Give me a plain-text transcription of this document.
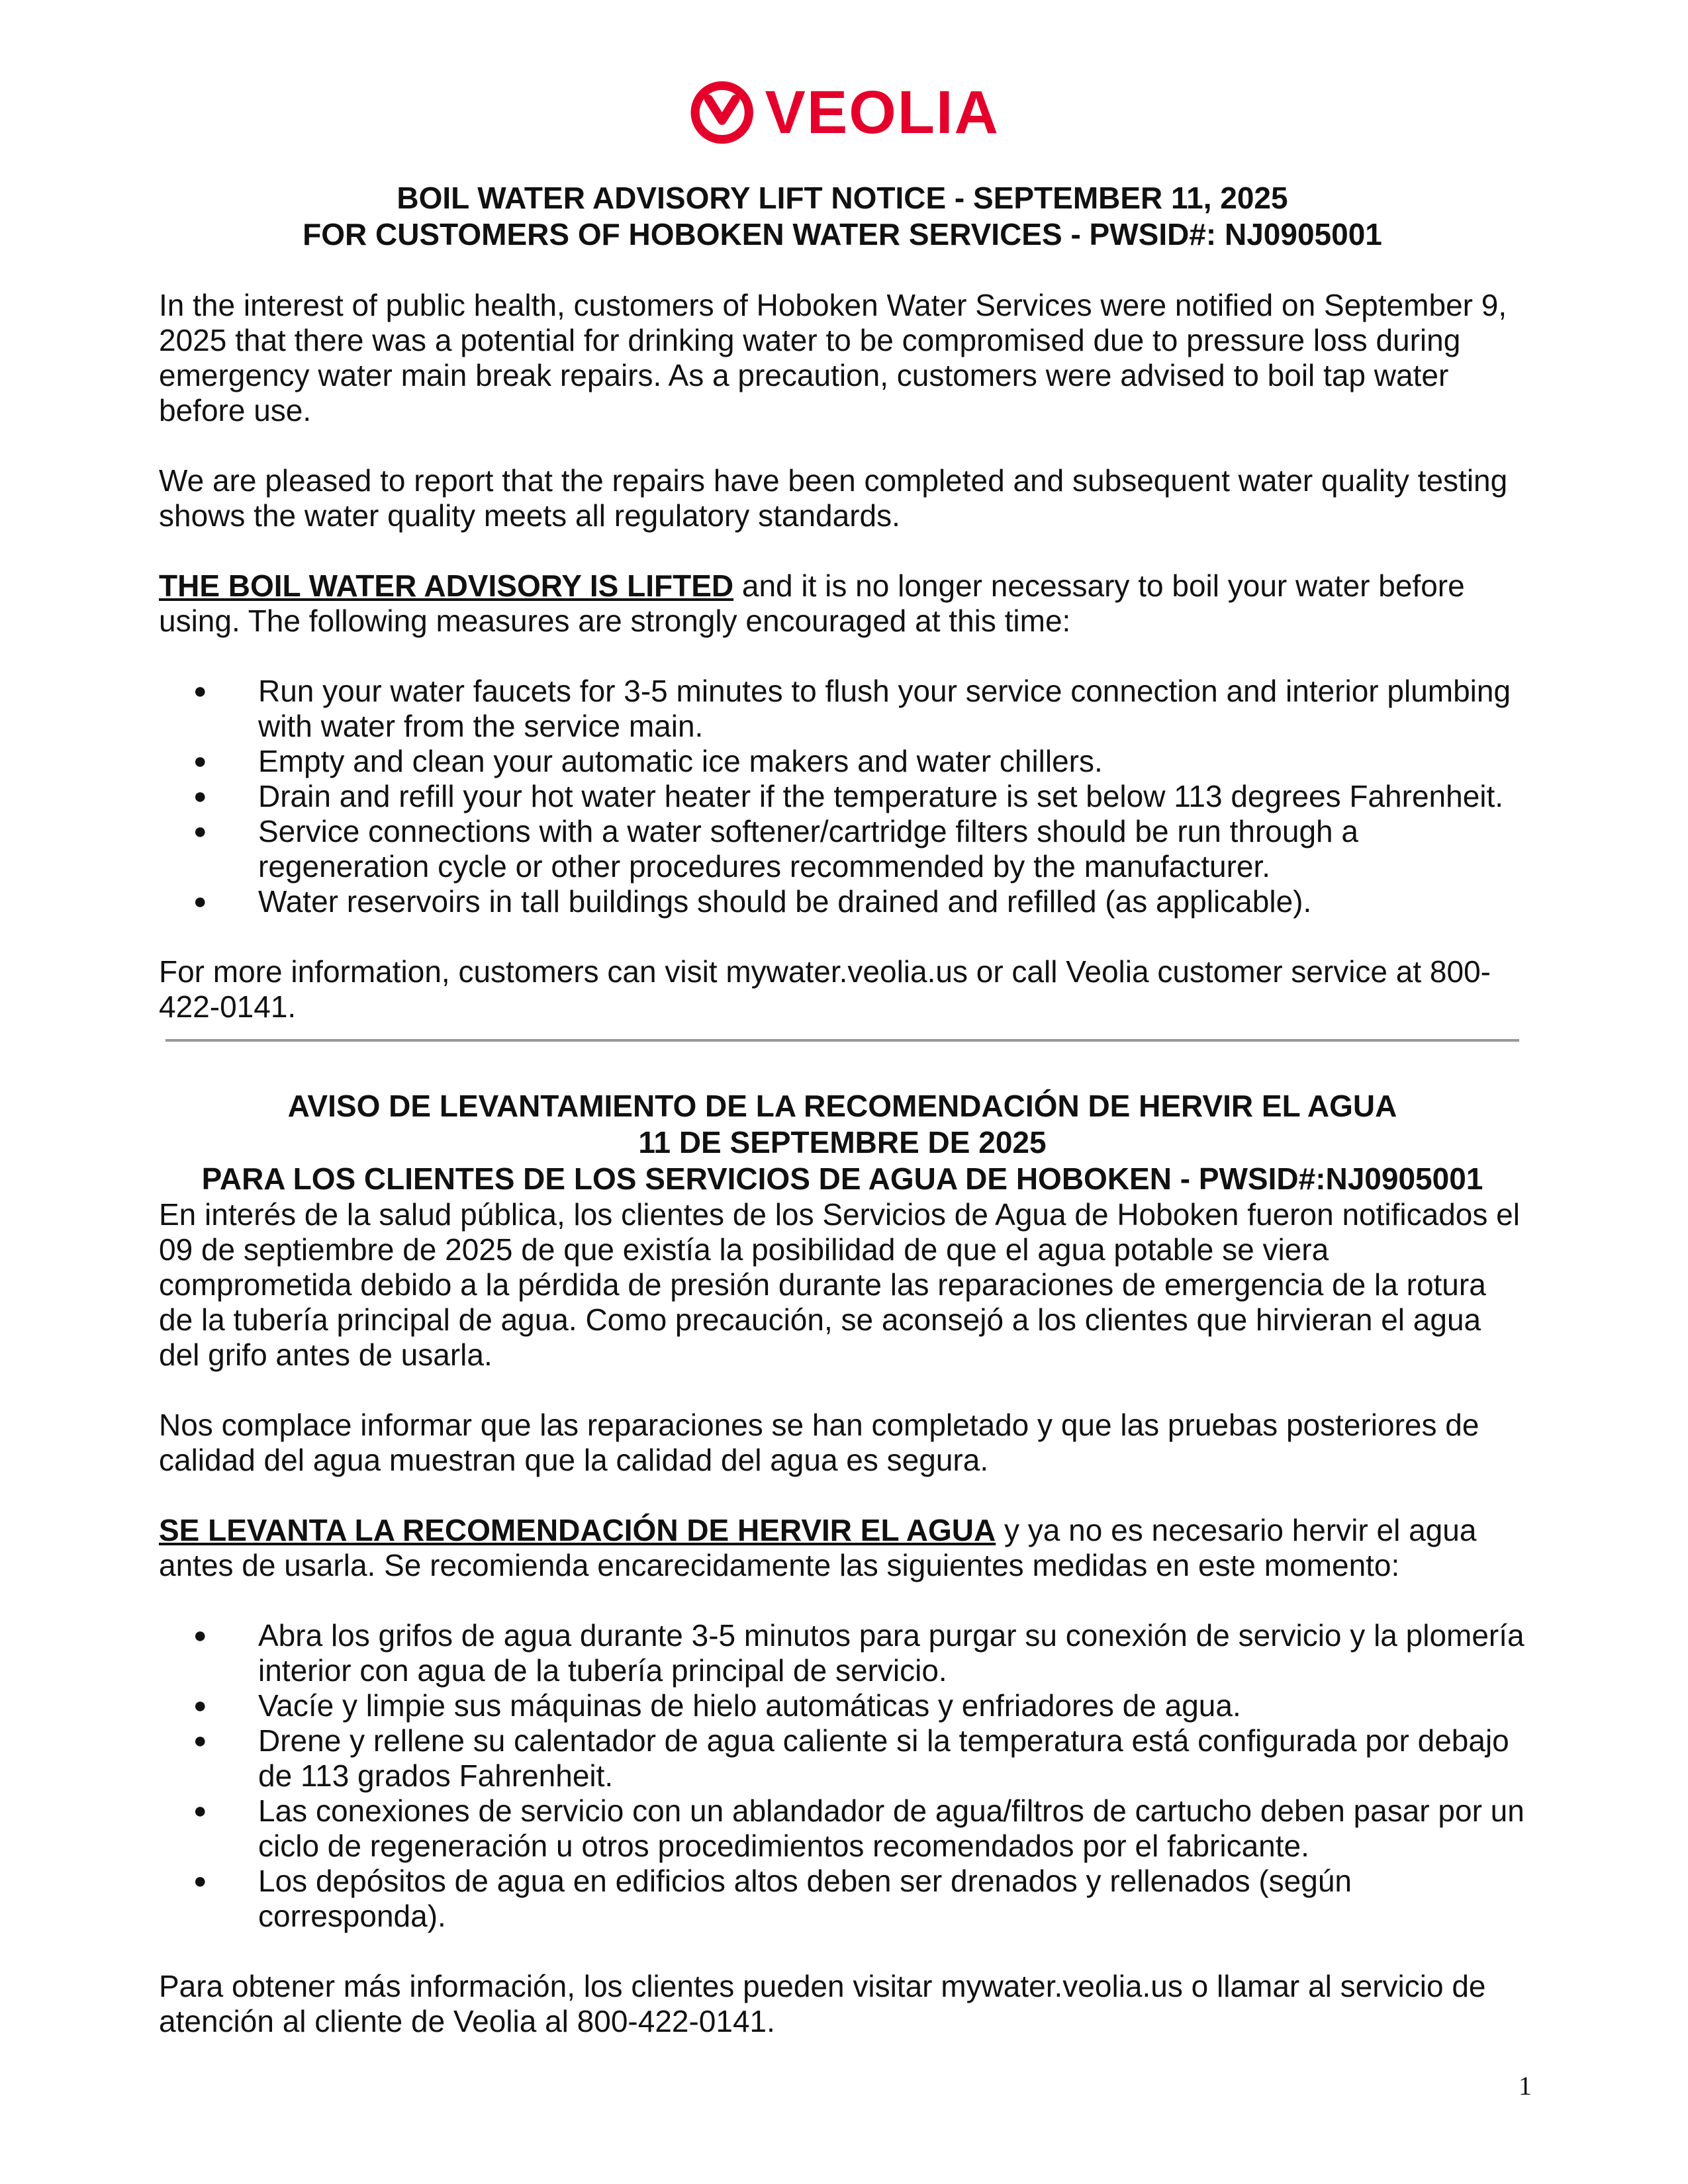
VEOLIA

BOIL WATER ADVISORY LIFT NOTICE - SEPTEMBER 11, 2025

FOR CUSTOMERS OF HOBOKEN WATER SERVICES - PWSID#: NJ0905001

In the interest of public health, customers of Hoboken Water Services were notified on September 9, 2025 that there was a potential for drinking water to be compromised due to pressure loss during emergency water main break repairs. As a precaution, customers were advised to boil tap water before use.

We are pleased to report that the repairs have been completed and subsequent water quality testing shows the water quality meets all regulatory standards.

THE BOIL WATER ADVISORY IS LIFTED and it is no longer necessary to boil your water before using. The following measures are strongly encouraged at this time:

● Run your water faucets for 3-5 minutes to flush your service connection and interior plumbing with water from the service main.
● Empty and clean your automatic ice makers and water chillers.
● Drain and refill your hot water heater if the temperature is set below 113 degrees Fahrenheit.
● Service connections with a water softener/cartridge filters should be run through a regeneration cycle or other procedures recommended by the manufacturer.
● Water reservoirs in tall buildings should be drained and refilled (as applicable).

For more information, customers can visit mywater.veolia.us or call Veolia customer service at 800-422-0141.

AVISO DE LEVANTAMIENTO DE LA RECOMENDACIÓN DE HERVIR EL AGUA

11 DE SEPTEMBRE DE 2025

PARA LOS CLIENTES DE LOS SERVICIOS DE AGUA DE HOBOKEN - PWSID#:NJ0905001

En interés de la salud pública, los clientes de los Servicios de Agua de Hoboken fueron notificados el 09 de septiembre de 2025 de que existía la posibilidad de que el agua potable se viera comprometida debido a la pérdida de presión durante las reparaciones de emergencia de la rotura de la tubería principal de agua. Como precaución, se aconsejó a los clientes que hirvieran el agua del grifo antes de usarla.

Nos complace informar que las reparaciones se han completado y que las pruebas posteriores de calidad del agua muestran que la calidad del agua es segura.

SE LEVANTA LA RECOMENDACIÓN DE HERVIR EL AGUA y ya no es necesario hervir el agua antes de usarla. Se recomienda encarecidamente las siguientes medidas en este momento:

● Abra los grifos de agua durante 3-5 minutos para purgar su conexión de servicio y la plomería interior con agua de la tubería principal de servicio.
● Vacíe y limpie sus máquinas de hielo automáticas y enfriadores de agua.
● Drene y rellene su calentador de agua caliente si la temperatura está configurada por debajo de 113 grados Fahrenheit.
● Las conexiones de servicio con un ablandador de agua/filtros de cartucho deben pasar por un ciclo de regeneración u otros procedimientos recomendados por el fabricante.
● Los depósitos de agua en edificios altos deben ser drenados y rellenados (según corresponda).

Para obtener más información, los clientes pueden visitar mywater.veolia.us o llamar al servicio de atención al cliente de Veolia al 800-422-0141.

1
